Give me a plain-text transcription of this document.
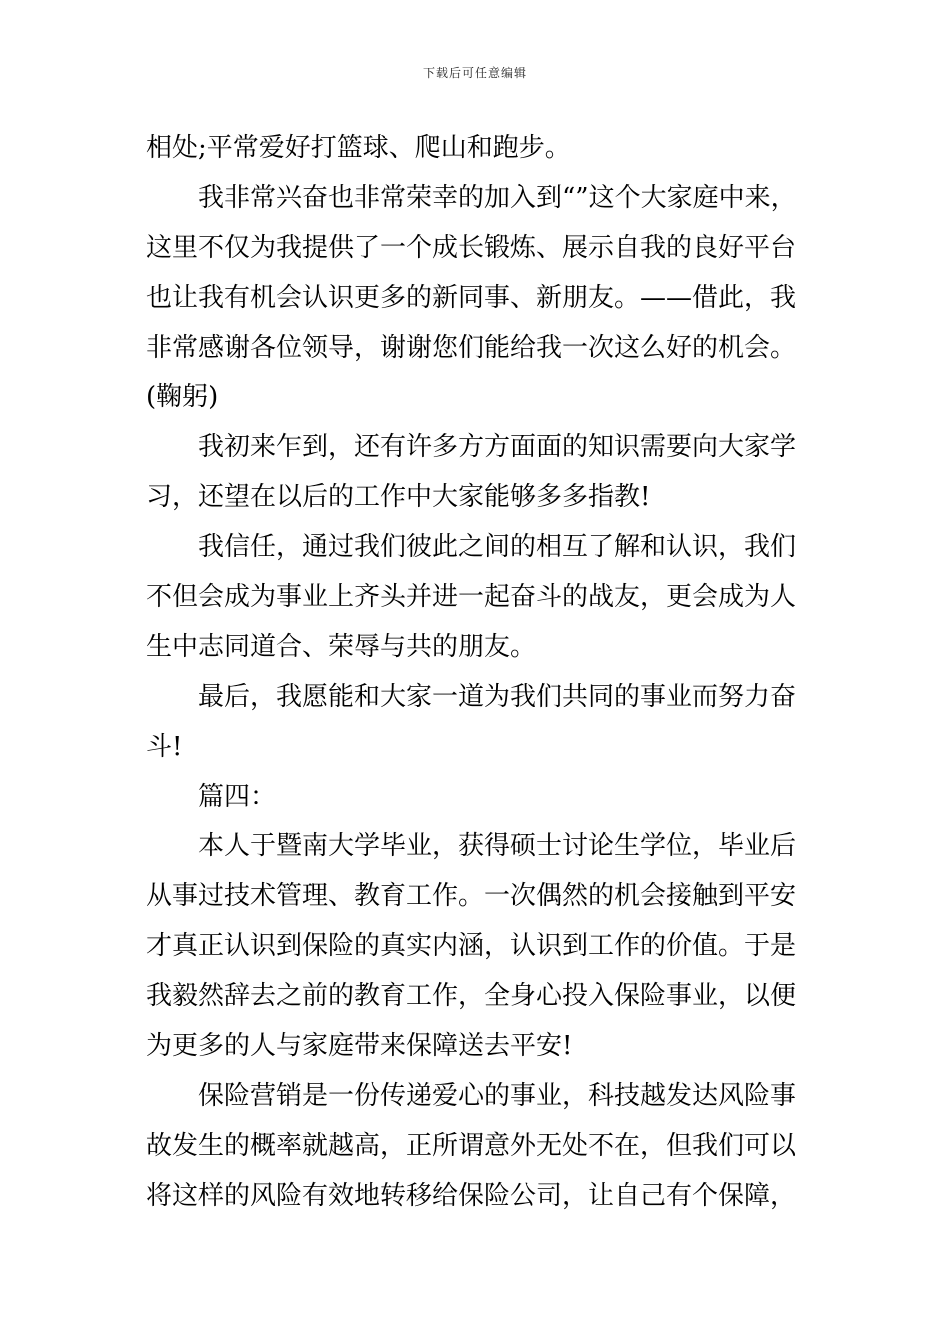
下载后可任意编辑
相处;平常爱好打篮球、爬山和跑步。
我非常兴奋也非常荣幸的加入到“”这个大家庭中来，
这里不仅为我提供了一个成长锻炼、展示自我的良好平台
也让我有机会认识更多的新同事、新朋友。——借此，我
非常感谢各位领导，谢谢您们能给我一次这么好的机会。
(鞠躬)
我初来乍到，还有许多方方面面的知识需要向大家学
习，还望在以后的工作中大家能够多多指教!
我信任，通过我们彼此之间的相互了解和认识，我们
不但会成为事业上齐头并进一起奋斗的战友，更会成为人
生中志同道合、荣辱与共的朋友。
最后，我愿能和大家一道为我们共同的事业而努力奋
斗!
篇四：
本人于暨南大学毕业，获得硕士讨论生学位，毕业后
从事过技术管理、教育工作。一次偶然的机会接触到平安
才真正认识到保险的真实内涵，认识到工作的价值。于是
我毅然辞去之前的教育工作，全身心投入保险事业，以便
为更多的人与家庭带来保障送去平安!
保险营销是一份传递爱心的事业，科技越发达风险事
故发生的概率就越高，正所谓意外无处不在，但我们可以
将这样的风险有效地转移给保险公司，让自己有个保障，
